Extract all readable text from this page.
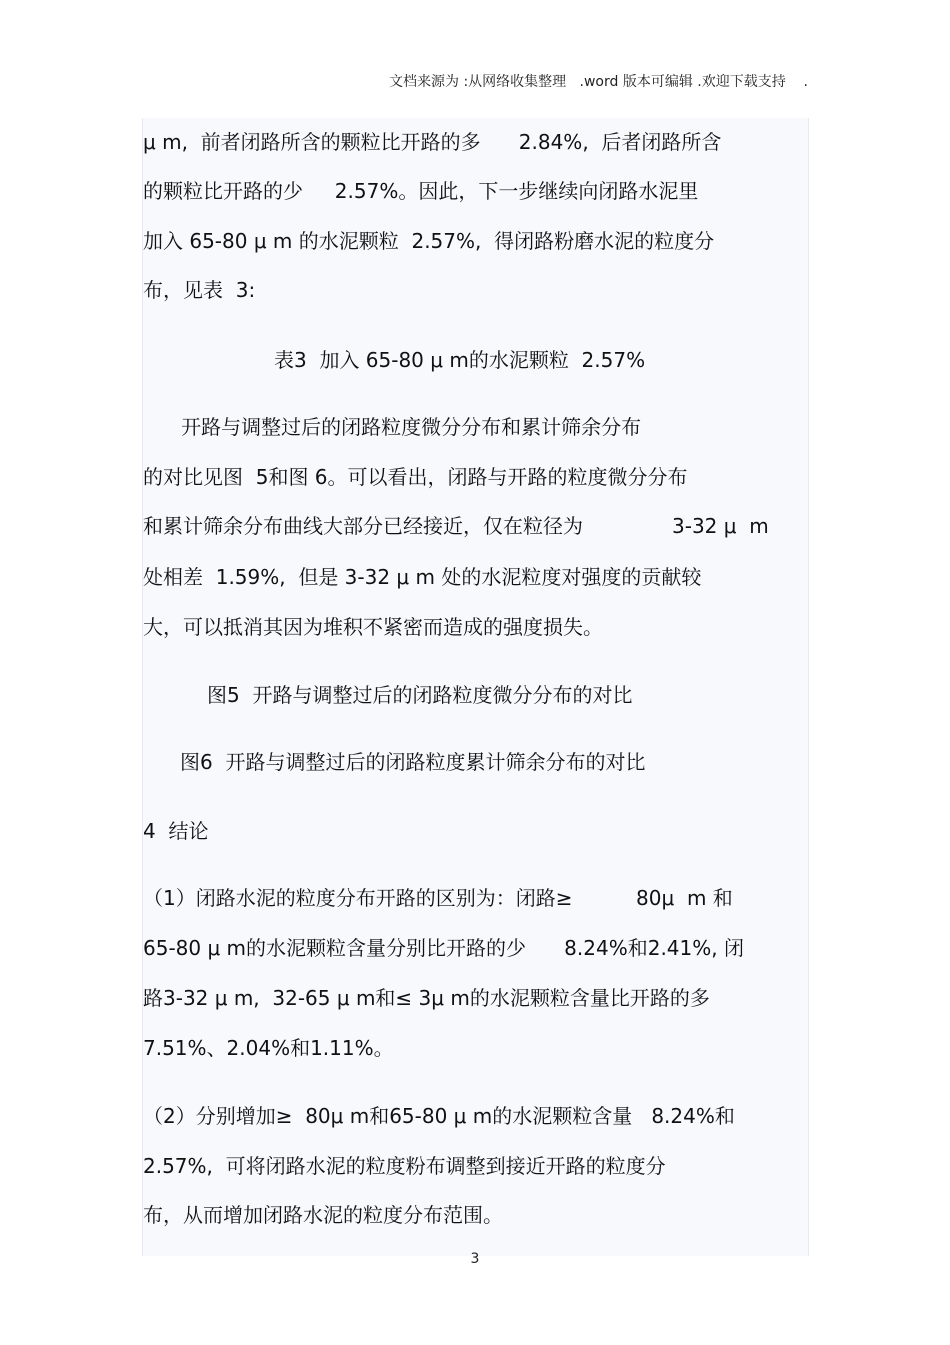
文档来源为 :从网络收集整理   .word 版本可编辑 .欢迎下载支持    .
μ m,  前者闭路所含的颗粒比开路的多      2.84%,  后者闭路所含
的颗粒比开路的少     2.57%。因此，下一步继续向闭路水泥里
加入 65-80 μ m 的水泥颗粒  2.57%,  得闭路粉磨水泥的粒度分
布，见表  3:
表3  加入 65-80 μ m的水泥颗粒  2.57%
开路与调整过后的闭路粒度微分分布和累计筛余分布
的对比见图  5和图 6。可以看出，闭路与开路的粒度微分分布
和累计筛余分布曲线大部分已经接近，仅在粒径为              3-32 μ  m
处相差  1.59%,  但是 3-32 μ m 处的水泥粒度对强度的贡献较
大，可以抵消其因为堆积不紧密而造成的强度损失。
图5  开路与调整过后的闭路粒度微分分布的对比
图6  开路与调整过后的闭路粒度累计筛余分布的对比
4  结论
（1）闭路水泥的粒度分布开路的区别为：闭路≥          80μ  m 和
65-80 μ m的水泥颗粒含量分别比开路的少      8.24%和2.41%, 闭
路3-32 μ m,  32-65 μ m和≤ 3μ m的水泥颗粒含量比开路的多
7.51%、2.04%和1.11%。
（2）分别增加≥  80μ m和65-80 μ m的水泥颗粒含量   8.24%和
2.57%,  可将闭路水泥的粒度粉布调整到接近开路的粒度分
布，从而增加闭路水泥的粒度分布范围。
3
